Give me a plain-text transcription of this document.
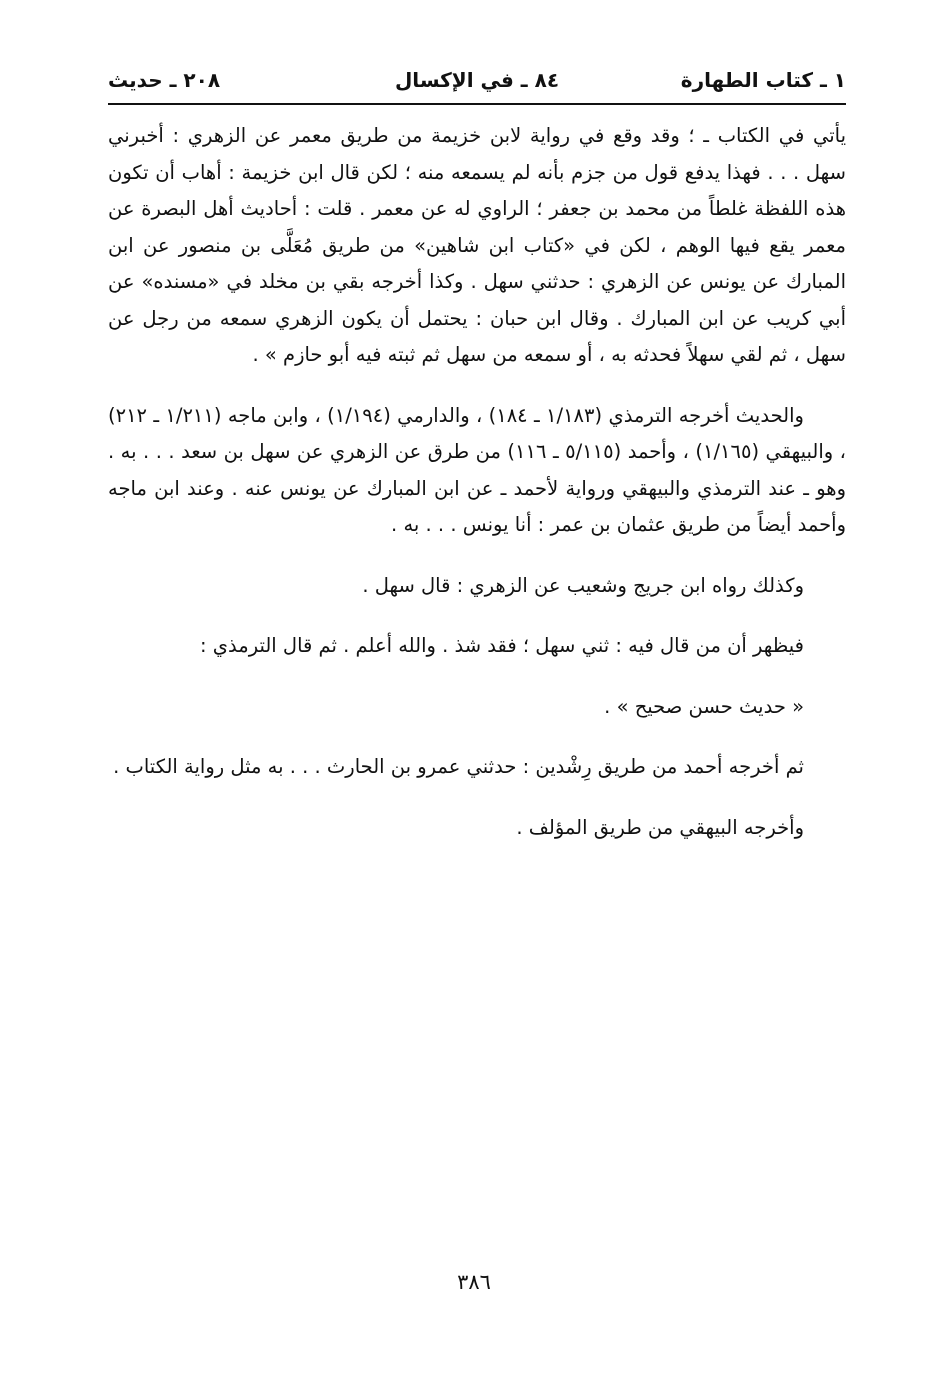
١ ـ كتاب الطهارة
٨٤ ـ في الإكسال
٢٠٨ ـ حديث

يأتي في الكتاب ـ ؛ وقد وقع في رواية لابن خزيمة من طريق معمر عن الزهري : أخبرني سهل . . . فهذا يدفع قول من جزم بأنه لم يسمعه منه ؛ لكن قال ابن خزيمة : أهاب أن تكون هذه اللفظة غلطاً من محمد بن جعفر ؛ الراوي له عن معمر . قلت : أحاديث أهل البصرة عن معمر يقع فيها الوهم ، لكن في «كتاب ابن شاهين» من طريق مُعَلَّى بن منصور عن ابن المبارك عن يونس عن الزهري : حدثني سهل . وكذا أخرجه بقي بن مخلد في «مسنده» عن أبي كريب عن ابن المبارك . وقال ابن حبان : يحتمل أن يكون الزهري سمعه من رجل عن سهل ، ثم لقي سهلاً فحدثه به ، أو سمعه من سهل ثم ثبته فيه أبو حازم » .

والحديث أخرجه الترمذي (١/١٨٣ ـ ١٨٤) ، والدارمي (١/١٩٤) ، وابن ماجه (١/٢١١ ـ ٢١٢) ، والبيهقي (١/١٦٥) ، وأحمد (٥/١١٥ ـ ١١٦) من طرق عن الزهري عن سهل بن سعد . . . به . وهو ـ عند الترمذي والبيهقي ورواية لأحمد ـ عن ابن المبارك عن يونس عنه . وعند ابن ماجه وأحمد أيضاً من طريق عثمان بن عمر : أنا يونس . . . به .

وكذلك رواه ابن جريج وشعيب عن الزهري : قال سهل .

فيظهر أن من قال فيه : ثني سهل ؛ فقد شذ . والله أعلم . ثم قال الترمذي :

« حديث حسن صحيح » .

ثم أخرجه أحمد من طريق رِشْدين : حدثني عمرو بن الحارث . . . به مثل رواية الكتاب .

وأخرجه البيهقي من طريق المؤلف .

٣٨٦
